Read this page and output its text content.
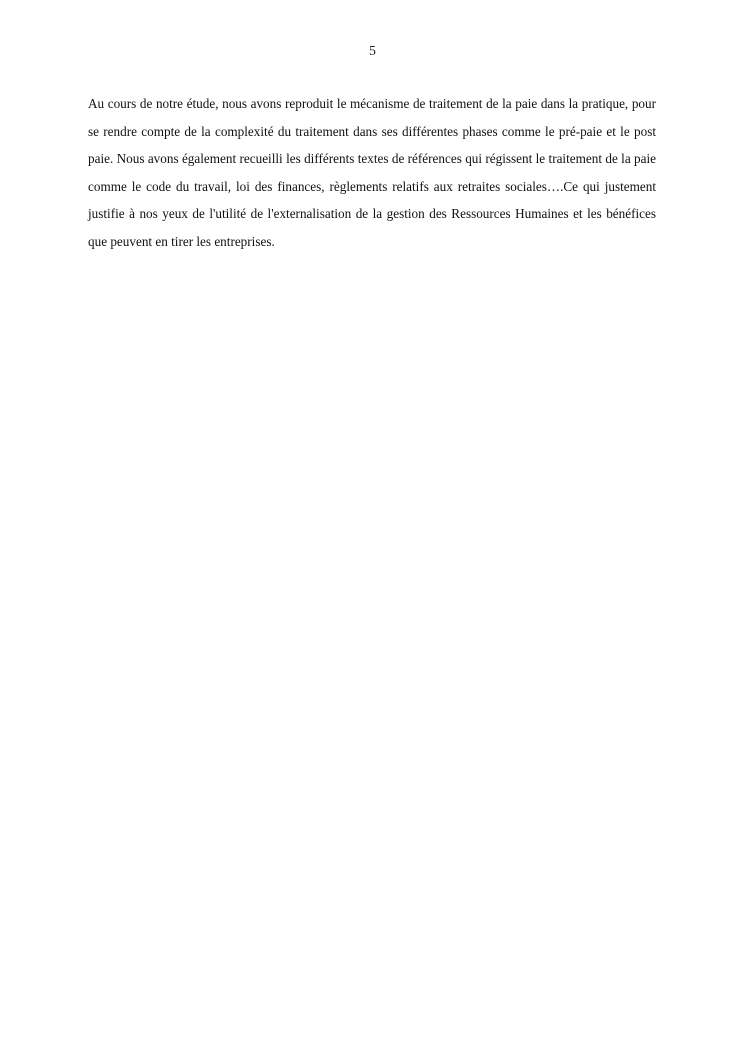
5

Au cours de notre étude, nous avons reproduit le mécanisme de traitement de la paie dans la pratique, pour se rendre compte de la complexité du traitement dans ses différentes phases comme le pré-paie et le post paie. Nous avons également recueilli les différents textes de références qui régissent le traitement de la paie comme le code du travail, loi des finances, règlements relatifs aux retraites sociales….Ce qui justement justifie à nos yeux de l'utilité de l'externalisation de la gestion des Ressources Humaines et les bénéfices que peuvent en tirer les entreprises.
